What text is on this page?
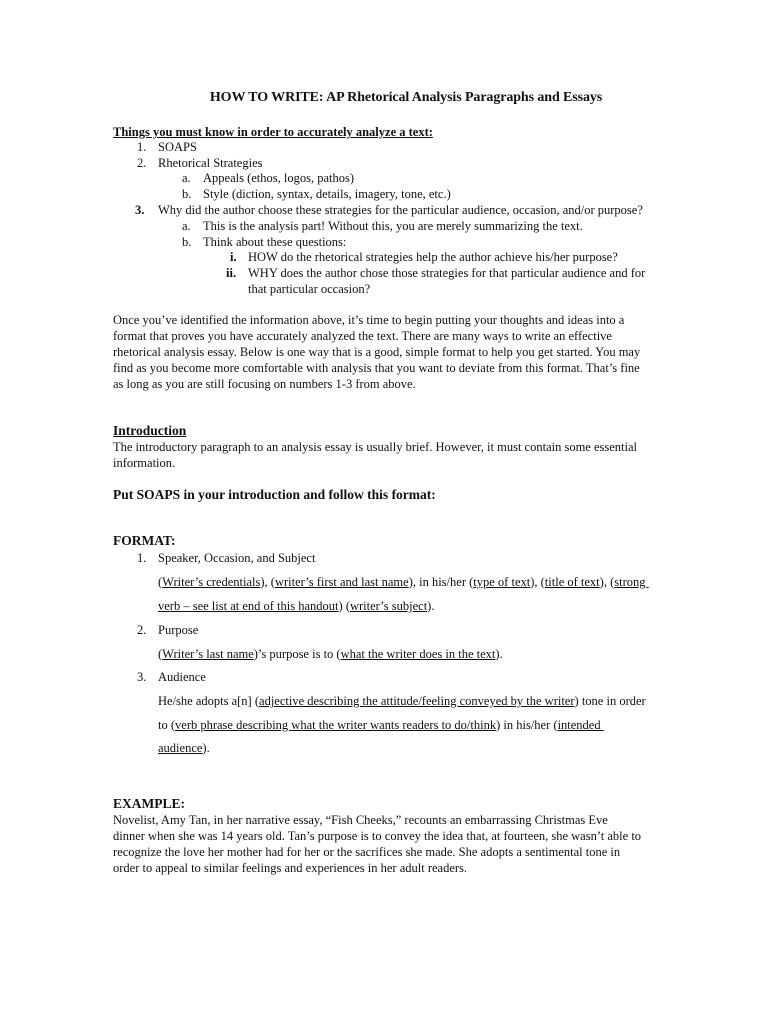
HOW TO WRITE: AP Rhetorical Analysis Paragraphs and Essays
Things you must know in order to accurately analyze a text:
1. SOAPS
2. Rhetorical Strategies
a. Appeals (ethos, logos, pathos)
b. Style (diction, syntax, details, imagery, tone, etc.)
3. Why did the author choose these strategies for the particular audience, occasion, and/or purpose?
a. This is the analysis part! Without this, you are merely summarizing the text.
b. Think about these questions:
i. HOW do the rhetorical strategies help the author achieve his/her purpose?
ii. WHY does the author chose those strategies for that particular audience and for
that particular occasion?
Once you’ve identified the information above, it’s time to begin putting your thoughts and ideas into a
format that proves you have accurately analyzed the text. There are many ways to write an effective
rhetorical analysis essay. Below is one way that is a good, simple format to help you get started. You may
find as you become more comfortable with analysis that you want to deviate from this format. That’s fine
as long as you are still focusing on numbers 1-3 from above.
Introduction
The introductory paragraph to an analysis essay is usually brief. However, it must contain some essential
information.
Put SOAPS in your introduction and follow this format:
FORMAT:
1. Speaker, Occasion, and Subject
(Writer’s credentials), (writer’s first and last name), in his/her (type of text), (title of text), (strong
verb – see list at end of this handout) (writer’s subject).
2. Purpose
(Writer’s last name)’s purpose is to (what the writer does in the text).
3. Audience
He/she adopts a[n] (adjective describing the attitude/feeling conveyed by the writer) tone in order
to (verb phrase describing what the writer wants readers to do/think) in his/her (intended
audience).
EXAMPLE:
Novelist, Amy Tan, in her narrative essay, “Fish Cheeks,” recounts an embarrassing Christmas Eve
dinner when she was 14 years old. Tan’s purpose is to convey the idea that, at fourteen, she wasn’t able to
recognize the love her mother had for her or the sacrifices she made. She adopts a sentimental tone in
order to appeal to similar feelings and experiences in her adult readers.
